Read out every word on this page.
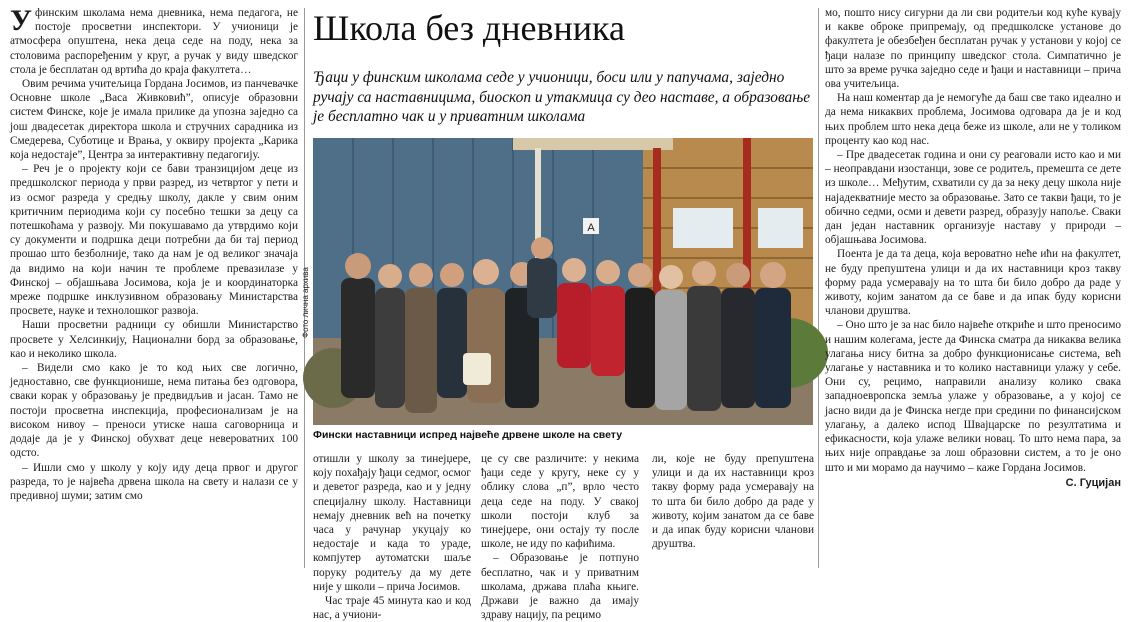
У финским школама нема дневника, нема педагога, не постоје просветни инспектори. У учионици је атмосфера опуштена, нека деца седе на поду, нека за столовима распоређеним у круг, а ручак у виду шведског стола је бесплатан од вртића до краја факултета…

Овим речима учитељица Гордана Јосимов, из панчевачке Основне школе „Васа Живковић”, описује образовни систем Финске, које је имала прилике да упозна заједно са још двадесетак директора школа и стручних сарадника из Смедерева, Суботице и Врања, у оквиру пројекта „Карика која недостаје”, Центра за интерактивну педагогију.

– Реч је о пројекту који се бави транзицијом деце из предшколског периода у први разред, из четвртог у пети и из осмог разреда у средњу школу, дакле у свим оним критичним периодима који су посебно тешки за децу са потешкоћама у развоју. Ми покушавамо да утврдимо који су документи и подршка деци потребни да би тај период прошао што безболније, тако да нам је од великог значаја да видимо на који начин те проблеме превазилазе у Финској – објашњава Јосимова, која је и координаторка мреже подршке инклузивном образовању Министарства просвете, науке и технолошког развоја.

Наши просветни радници су обишли Министарство просвете у Хелсинкију, Национални борд за образовање, као и неколико школа.

– Видели смо како је то код њих све логично, једноставно, све функционише, нема питања без одговора, сваки корак у образовању је предвидљив и јасан. Тамо не постоји просветна инспекција, професионализам је на високом нивоу – преноси утиске наша саговорница и додаје да је у Финској обухват деце невероватних 100 одсто.

– Ишли смо у школу у коју иду деца првог и другог разреда, то је највећа дрвена школа на свету и налази се у предивној шуми; затим смо

Школа без дневника
Ђаци у финским школама седе у учионици, боси или у папучама, заједно ручају са наставницима, биоскоп и утакмица су део наставе, а образовање је бесплатно чак и у приватним школама
A
Фото лична архива
Фински наставници испред највеће дрвене школе на свету

отишли у школу за тинејџере, коју похађају ђаци седмог, осмог и деветог разреда, као и у једну специјалну школу. Наставници немају дневник већ на почетку часа у рачунар укуцају ко недостаје и када то ураде, компјутер аутоматски шаље поруку родитељу да му дете није у школи – прича Јосимов.

Час траје 45 минута као и код нас, а учиони-

це су све различите: у некима ђаци седе у кругу, неке су у облику слова „п”, врло често деца седе на поду. У свакој школи постоји клуб за тинејџере, они остају ту после школе, не иду по кафићима.

– Образовање је потпуно бесплатно, чак и у приватним школама, држава плаћа књиге. Држави је важно да имају здраву нацију, па рецимо

ли, које не буду препуштена улици и да их наставници кроз такву форму рада усмеравају на то шта би било добро да раде у животу, којим занатом да се баве и да ипак буду корисни чланови друштва.

мо, пошто нису сигурни да ли сви родитељи код куће кувају и какве оброке припремају, од предшколске установе до факултета је обезбеђен бесплатан ручак у установи у којој се ђаци налазе по принципу шведског стола. Симпатично је што за време ручка заједно седе и ђаци и наставници – прича ова учитељица.

На наш коментар да је немогуће да баш све тако идеално и да нема никаквих проблема, Јосимова одговара да је и код њих проблем што нека деца беже из школе, али не у толиком проценту као код нас.

– Пре двадесетак година и они су реаговали исто као и ми – неоправдани изостанци, зове се родитељ, премешта се дете из школе… Међутим, схватили су да за неку децу школа није најадекватније место за образовање. Зато се такви ђаци, то је обично седми, осми и девети разред, образују напоље. Сваки дан један наставник организује наставу у природи – објашњава Јосимова.

Поента је да та деца, која вероватно неће ићи на факултет, не буду препуштена улици и да их наставници кроз такву форму рада усмеравају на то шта би било добро да раде у животу, којим занатом да се баве и да ипак буду корисни чланови друштва.

– Оно што је за нас било највеће откриће и што преносимо и нашим колегама, јесте да Финска сматра да никаква велика улагања нису битна за добро функционисање система, већ улагање у наставника и то колико наставници улажу у себе. Они су, рецимо, направили анализу колико свака западноевропска земља улаже у образовање, а у којој се јасно види да је Финска негде при средини по финансијском улагању, а далеко испод Швајцарске по резултатима и ефикасности, која улаже велики новац. То што нема пара, за њих није оправдање за лош образовни систем, а то је оно што и ми морамо да научимо – каже Гордана Јосимов.

С. Гуцијан
